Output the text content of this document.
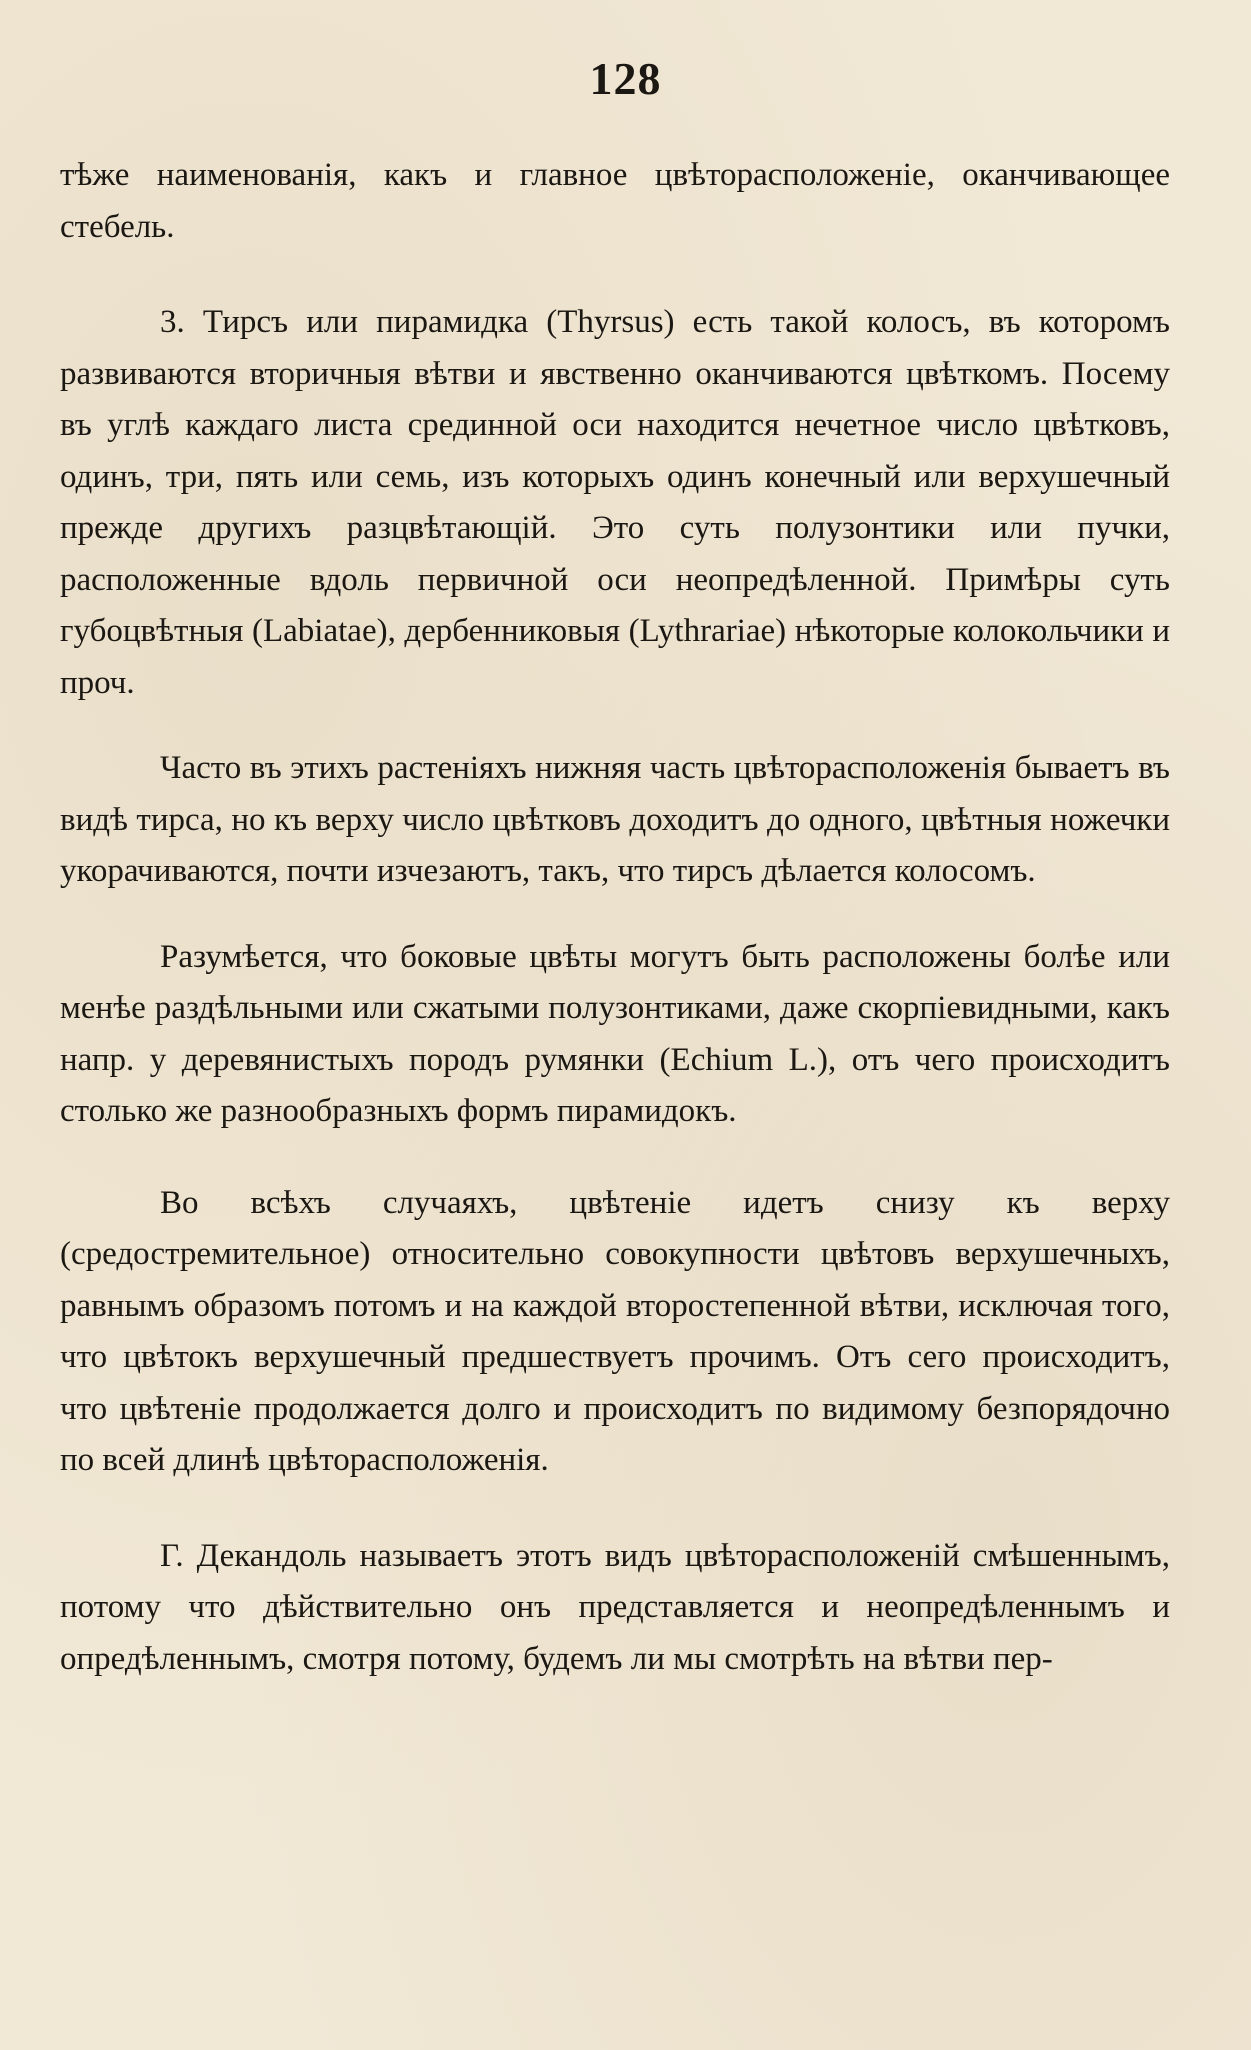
128

тѣже наименованія, какъ и главное цвѣторасположеніе, оканчивающее стебель.

3. Тирсъ или пирамидка (Thyrsus) есть такой колосъ, въ которомъ развиваются вторичныя вѣтви и явственно оканчиваются цвѣткомъ. Посему въ углѣ каждаго листа срединной оси находится нечетное число цвѣтковъ, одинъ, три, пять или семь, изъ которыхъ одинъ конечный или верхушечный прежде другихъ разцвѣтающій. Это суть полузонтики или пучки, расположенные вдоль первичной оси неопредѣленной. Примѣры суть губоцвѣтныя (Labiatae), дербенниковыя (Lythrariae) нѣкоторые колокольчики и проч.

Часто въ этихъ растеніяхъ нижняя часть цвѣторасположенія бываетъ въ видѣ тирса, но къ верху число цвѣтковъ доходитъ до одного, цвѣтныя ножечки укорачиваются, почти изчезаютъ, такъ, что тирсъ дѣлается колосомъ.

Разумѣется, что боковые цвѣты могутъ быть расположены болѣе или менѣе раздѣльными или сжатыми полузонтиками, даже скорпіевидными, какъ напр. у деревянистыхъ породъ румянки (Echium L.), отъ чего происходитъ столько же разнообразныхъ формъ пирамидокъ.

Во всѣхъ случаяхъ, цвѣтеніе идетъ снизу къ верху (средостремительное) относительно совокупности цвѣтовъ верхушечныхъ, равнымъ образомъ потомъ и на каждой второстепенной вѣтви, исключая того, что цвѣтокъ верхушечный предшествуетъ прочимъ. Отъ сего происходитъ, что цвѣтеніе продолжается долго и происходитъ по видимому безпорядочно по всей длинѣ цвѣторасположенія.

Г. Декандоль называетъ этотъ видъ цвѣторасположеній смѣшеннымъ, потому что дѣйствительно онъ представляется и неопредѣленнымъ и опредѣленнымъ, смотря потому, будемъ ли мы смотрѣть на вѣтви пер-
